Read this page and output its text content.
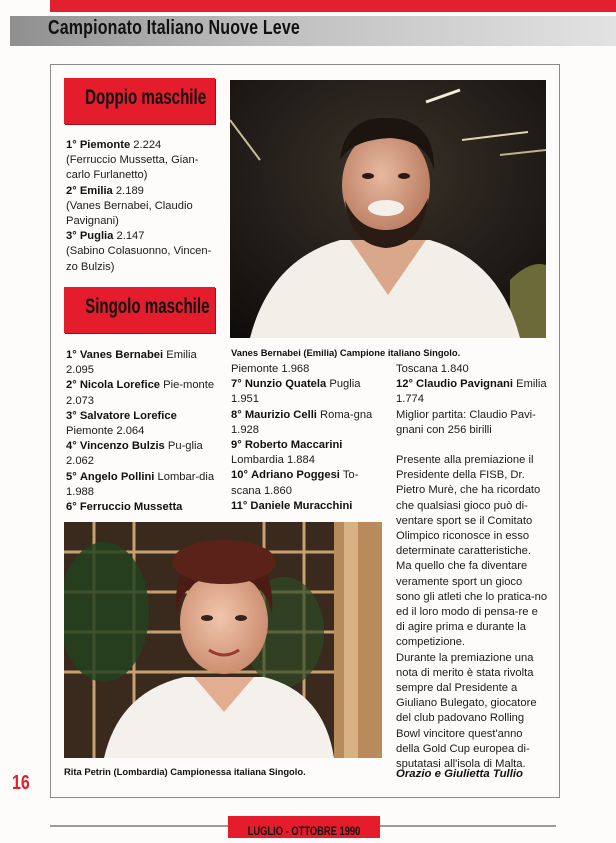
Campionato Italiano Nuove Leve
Doppio maschile
1° Piemonte 2.224
(Ferruccio Mussetta, Gian-carlo Furlanetto)
2° Emilia 2.189
(Vanes Bernabei, Claudio Pavignani)
3° Puglia 2.147
(Sabino Colasuonno, Vincen-zo Bulzis)
Singolo maschile
1° Vanes Bernabei Emilia 2.095
2° Nicola Lorefice Pie-monte 2.073
3° Salvatore Lorefice Piemonte 2.064
4° Vincenzo Bulzis Pu-glia 2.062
5° Angelo Pollini Lombar-dia 1.988
6° Ferruccio Mussetta
Piemonte 1.968
7° Nunzio Quatela Puglia 1.951
8° Maurizio Celli Roma-gna 1.928
9° Roberto Maccarini Lombardia 1.884
10° Adriano Poggesi To-scana 1.860
11° Daniele Muracchini
Toscana 1.840
12° Claudio Pavignani Emilia 1.774
Miglior partita: Claudio Pavi-gnani con 256 birilli
Presente alla premiazione il Presidente della FISB, Dr. Pietro Murè, che ha ricordato che qualsiasi gioco può di-ventare sport se il Comitato Olimpico riconosce in esso determinate caratteristiche. Ma quello che fa diventare veramente sport un gioco sono gli atleti che lo pratica-no ed il loro modo di pensa-re e di agire prima e durante la competizione.
Durante la premiazione una nota di merito è stata rivolta sempre dal Presidente a Giuliano Bulegato, giocatore del club padovano Rolling Bowl vincitore quest'anno della Gold Cup europea di-sputatasi all'isola di Malta.
Vanes Bernabei (Emilia) Campione italiano Singolo.
Rita Petrin (Lombardia) Campionessa italiana Singolo.	Orazio e Giulietta Tullio
16
LUGLIO - OTTOBRE 1990
